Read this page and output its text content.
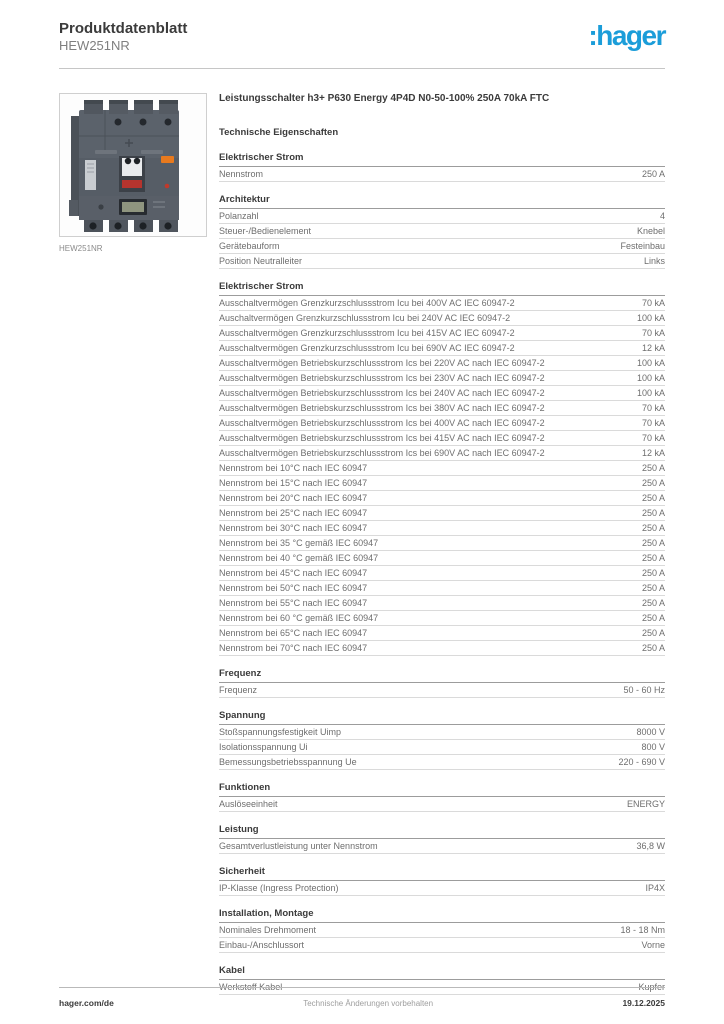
Produktdatenblatt
HEW251NR	:hager
HEW251NR
Leistungsschalter h3+ P630 Energy 4P4D N0-50-100% 250A 70kA FTC
Technische Eigenschaften
Elektrischer Strom
Nennstrom	250 A
Architektur
Polanzahl	4
Steuer-/Bedienelement	Knebel
Gerätebauform	Festeinbau
Position Neutralleiter	Links
Elektrischer Strom
Ausschaltvermögen Grenzkurzschlussstrom Icu bei 400V AC IEC 60947-2	70 kA
Auschaltvermögen Grenzkurzschlussstrom Icu bei 240V AC IEC 60947-2	100 kA
Ausschaltvermögen Grenzkurzschlussstrom Icu bei 415V AC IEC 60947-2	70 kA
Ausschaltvermögen Grenzkurzschlussstrom Icu bei 690V AC IEC 60947-2	12 kA
Ausschaltvermögen Betriebskurzschlussstrom Ics bei 220V AC nach IEC 60947-2	100 kA
Ausschaltvermögen Betriebskurzschlussstrom Ics bei 230V AC nach IEC 60947-2	100 kA
Ausschaltvermögen Betriebskurzschlussstrom Ics bei 240V AC nach IEC 60947-2	100 kA
Ausschaltvermögen Betriebskurzschlussstrom Ics bei 380V AC nach IEC 60947-2	70 kA
Ausschaltvermögen Betriebskurzschlussstrom Ics bei 400V AC nach IEC 60947-2	70 kA
Ausschaltvermögen Betriebskurzschlussstrom Ics bei 415V AC nach IEC 60947-2	70 kA
Ausschaltvermögen Betriebskurzschlussstrom Ics bei 690V AC nach IEC 60947-2	12 kA
Nennstrom bei 10°C nach IEC 60947	250 A
Nennstrom bei 15°C nach IEC 60947	250 A
Nennstrom bei 20°C nach IEC 60947	250 A
Nennstrom bei 25°C nach IEC 60947	250 A
Nennstrom bei 30°C nach IEC 60947	250 A
Nennstrom bei 35 °C gemäß IEC 60947	250 A
Nennstrom bei 40 °C gemäß IEC 60947	250 A
Nennstrom bei 45°C nach IEC 60947	250 A
Nennstrom bei 50°C nach IEC 60947	250 A
Nennstrom bei 55°C nach IEC 60947	250 A
Nennstrom bei 60 °C gemäß IEC 60947	250 A
Nennstrom bei 65°C nach IEC 60947	250 A
Nennstrom bei 70°C nach IEC 60947	250 A
Frequenz
Frequenz	50 - 60 Hz
Spannung
Stoßspannungsfestigkeit Uimp	8000 V
Isolationsspannung Ui	800 V
Bemessungsbetriebsspannung Ue	220 - 690 V
Funktionen
Auslöseeinheit	ENERGY
Leistung
Gesamtverlustleistung unter Nennstrom	36,8 W
Sicherheit
IP-Klasse (Ingress Protection)	IP4X
Installation, Montage
Nominales Drehmoment	18 - 18 Nm
Einbau-/Anschlussort	Vorne
Kabel
Werkstoff Kabel	Kupfer
hager.com/de	Technische Änderungen vorbehalten	19.12.2025
